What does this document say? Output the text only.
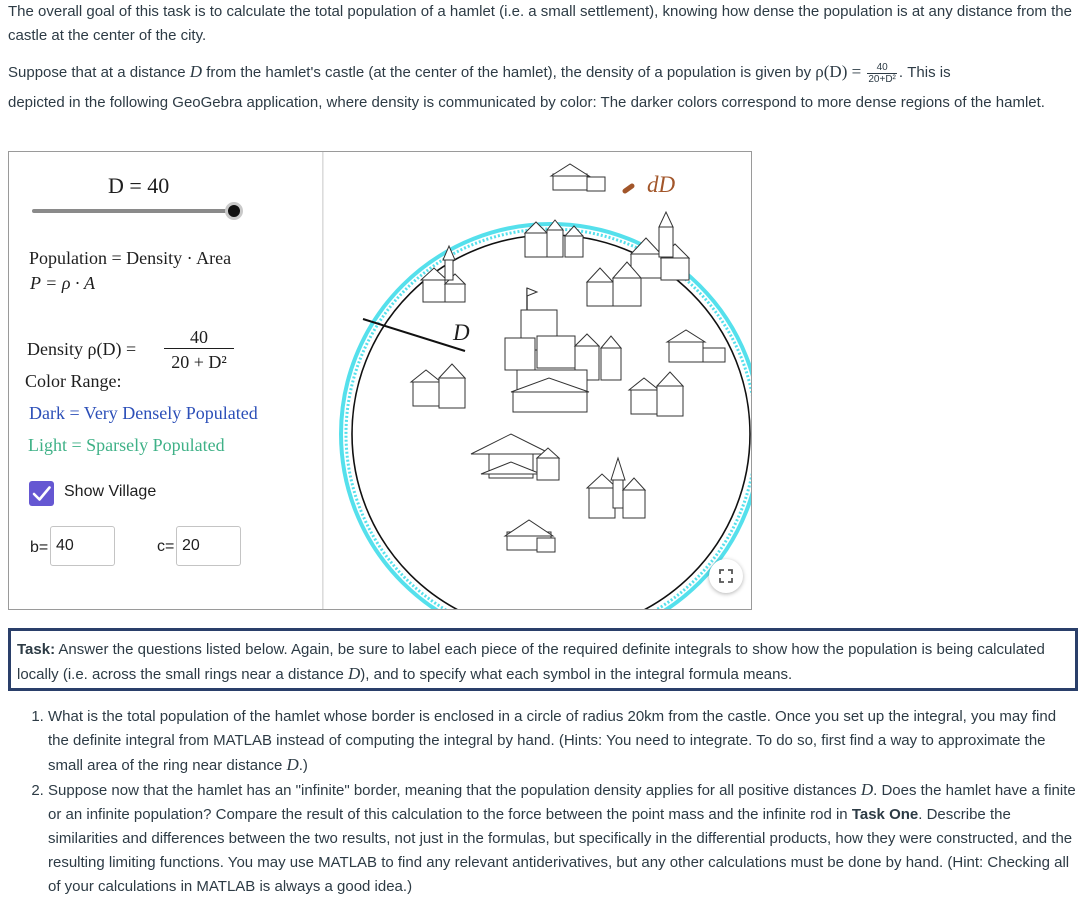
The overall goal of this task is to calculate the total population of a hamlet (i.e. a small settlement), knowing how dense the population is at any distance from the castle at the center of the city.

Suppose that at a distance D from the hamlet's castle (at the center of the hamlet), the density of a population is given by $\rho(D) = \frac{40}{\text{20+D²}}$ . This is

depicted in the following GeoGebra application, where density is communicated by color: The darker colors correspond to more dense regions of the hamlet.

D = 40
Population = Density · Area
P = ρ · A
Density ρ(D) =
40
20 + D²
Color Range:
Dark = Very Densely Populated
Light = Sparsely Populated
Show Village
b= 40	c= 20
D
dD
Task: Answer the questions listed below. Again, be sure to label each piece of the required definite integrals to show how the population is being calculated locally (i.e. across the small rings near a distance D), and to specify what each symbol in the integral formula means.
1. What is the total population of the hamlet whose border is enclosed in a circle of radius 20km from the castle. Once you set up the integral, you may find the definite integral from MATLAB instead of computing the integral by hand. (Hints: You need to integrate. To do so, first find a way to approximate the small area of the ring near distance D.)
2. Suppose now that the hamlet has an "infinite" border, meaning that the population density applies for all positive distances D. Does the hamlet have a finite or an infinite population? Compare the result of this calculation to the force between the point mass and the infinite rod in Task One. Describe the similarities and differences between the two results, not just in the formulas, but specifically in the differential products, how they were constructed, and the resulting limiting functions. You may use MATLAB to find any relevant antiderivatives, but any other calculations must be done by hand. (Hint: Checking all of your calculations in MATLAB is always a good idea.)
